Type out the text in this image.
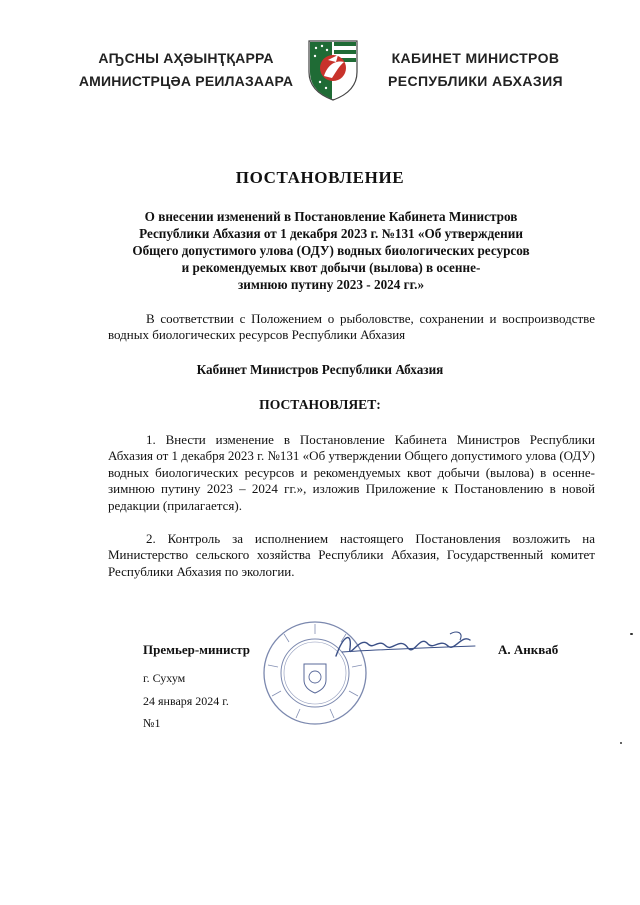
АҦСНЫ АҲӘЫНҬҚАРРА
АМИНИСТРЦӘА РЕИЛАЗААРА
КАБИНЕТ МИНИСТРОВ
РЕСПУБЛИКИ АБХАЗИЯ
ПОСТАНОВЛЕНИЕ
О внесении изменений в Постановление Кабинета Министров
Республики Абхазия от 1 декабря 2023 г. №131 «Об утверждении
Общего допустимого улова (ОДУ) водных биологических ресурсов
и рекомендуемых квот добычи (вылова) в осенне-
зимнюю путину 2023 - 2024 гг.»
В соответствии с Положением о рыболовстве, сохранении и воспроизводстве водных биологических ресурсов Республики Абхазия
Кабинет Министров Республики Абхазия
ПОСТАНОВЛЯЕТ:
1. Внести изменение в Постановление Кабинета Министров Республики Абхазия от 1 декабря 2023 г. №131 «Об утверждении Общего допустимого улова (ОДУ) водных биологических ресурсов и рекомендуемых квот добычи (вылова) в осенне-зимнюю путину 2023 – 2024 гг.», изложив Приложение к Постановлению в новой редакции (прилагается).
2. Контроль за исполнением настоящего Постановления возложить на Министерство сельского хозяйства Республики Абхазия, Государственный комитет Республики Абхазия по экологии.
Премьер-министр	А. Анкваб
г. Сухум
24 января 2024 г.
№1
